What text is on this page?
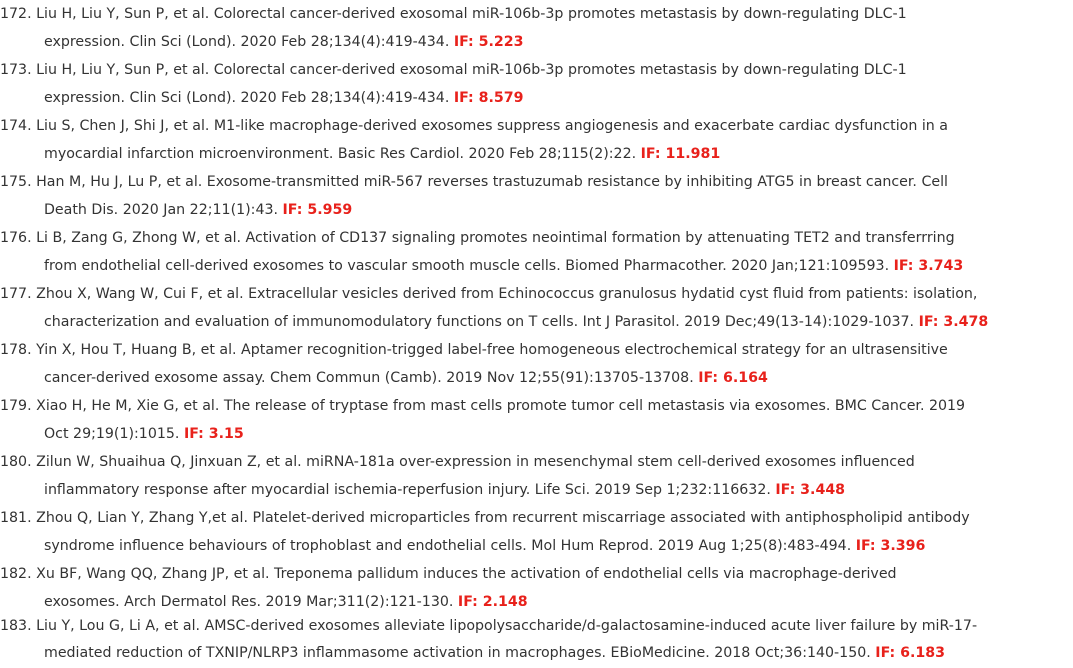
172. Liu H, Liu Y, Sun P, et al. Colorectal cancer-derived exosomal miR-106b-3p promotes metastasis by down-regulating DLC-1
expression. Clin Sci (Lond). 2020 Feb 28;134(4):419-434. IF: 5.223
173. Liu H, Liu Y, Sun P, et al. Colorectal cancer-derived exosomal miR-106b-3p promotes metastasis by down-regulating DLC-1
expression. Clin Sci (Lond). 2020 Feb 28;134(4):419-434. IF: 8.579
174. Liu S, Chen J, Shi J, et al. M1-like macrophage-derived exosomes suppress angiogenesis and exacerbate cardiac dysfunction in a
myocardial infarction microenvironment. Basic Res Cardiol. 2020 Feb 28;115(2):22. IF: 11.981
175. Han M, Hu J, Lu P, et al. Exosome-transmitted miR-567 reverses trastuzumab resistance by inhibiting ATG5 in breast cancer. Cell
Death Dis. 2020 Jan 22;11(1):43. IF: 5.959
176. Li B, Zang G, Zhong W, et al. Activation of CD137 signaling promotes neointimal formation by attenuating TET2 and transferrring
from endothelial cell-derived exosomes to vascular smooth muscle cells. Biomed Pharmacother. 2020 Jan;121:109593. IF: 3.743
177. Zhou X, Wang W, Cui F, et al. Extracellular vesicles derived from Echinococcus granulosus hydatid cyst fluid from patients: isolation,
characterization and evaluation of immunomodulatory functions on T cells. Int J Parasitol. 2019 Dec;49(13-14):1029-1037. IF: 3.478
178. Yin X, Hou T, Huang B, et al. Aptamer recognition-trigged label-free homogeneous electrochemical strategy for an ultrasensitive
cancer-derived exosome assay. Chem Commun (Camb). 2019 Nov 12;55(91):13705-13708. IF: 6.164
179. Xiao H, He M, Xie G, et al. The release of tryptase from mast cells promote tumor cell metastasis via exosomes. BMC Cancer. 2019
Oct 29;19(1):1015. IF: 3.15
180. Zilun W, Shuaihua Q, Jinxuan Z, et al. miRNA-181a over-expression in mesenchymal stem cell-derived exosomes influenced
inflammatory response after myocardial ischemia-reperfusion injury. Life Sci. 2019 Sep 1;232:116632. IF: 3.448
181. Zhou Q, Lian Y, Zhang Y,et al. Platelet-derived microparticles from recurrent miscarriage associated with antiphospholipid antibody
syndrome influence behaviours of trophoblast and endothelial cells. Mol Hum Reprod. 2019 Aug 1;25(8):483-494. IF: 3.396
182. Xu BF, Wang QQ, Zhang JP, et al. Treponema pallidum induces the activation of endothelial cells via macrophage-derived
exosomes. Arch Dermatol Res. 2019 Mar;311(2):121-130. IF: 2.148
183. Liu Y, Lou G, Li A, et al. AMSC-derived exosomes alleviate lipopolysaccharide/d-galactosamine-induced acute liver failure by miR-17-
mediated reduction of TXNIP/NLRP3 inflammasome activation in macrophages. EBioMedicine. 2018 Oct;36:140-150. IF: 6.183
